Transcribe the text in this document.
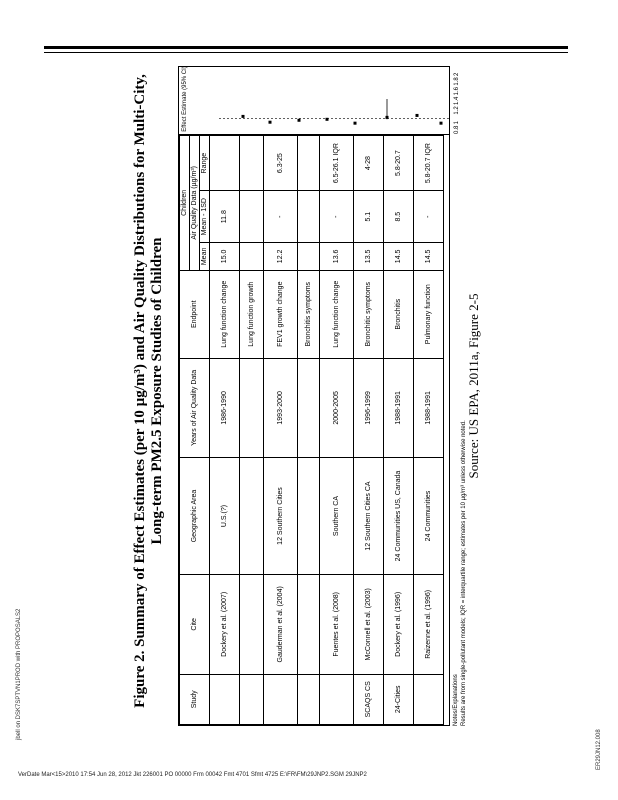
Figure 2. Summary of Effect Estimates (per 10 µg/m³) and Air Quality Distributions for Multi-City, Long-term PM2.5 Exposure Studies of Children
Study	Cite	Geographic Area	Years of Air Quality Data	Endpoint	Children		
					Air Quality Data (µg/m³)		
					Mean	Mean - 1SD	Range
	Dockery et al. (2007)	U.S.(?)	1986-1990	Lung function change	15.0	11.8	
				Lung function growth			
	Gauderman et al. (2004)	12 Southern Cities	1993-2000	FEV1 growth change	12.2	-	6.3-25
				Bronchitis symptoms			
	Fuentes et al. (2008)	Southern CA	2000-2005	Lung function change	13.6	-	6.5-26.1 IQR
SCAQS CS	McConnell et al. (2003)	12 Southern Cities CA	1996-1999	Bronchitic symptoms	13.5	5.1	4-28
24-Cities	Dockery et al. (1996)	24 Communities US, Canada	1988-1991	Bronchitis	14.5	8.5	5.8-20.7
	Raizenne et al. (1996)	24 Communities	1988-1991	Pulmonary function	14.5	-	5.8-20.7 IQR
Effect Estimate (95% CI)	0.8
1
1.2
1.4
1.6
1.8
2
Notes/Explanations Results are from single-pollutant models; IQR = interquartile range; estimates per 10 µg/m³ unless otherwise noted.
Source: US EPA, 2011a, Figure 2-5
jbell on DSK7SPTVN1PROD with PROPOSALS2
ER29JN12.008
VerDate Mar<15>2010 17:54 Jun 28, 2012 Jkt 226001 PO 00000 Frm 00042 Fmt 4701 Sfmt 4725 E:\FR\FM\29JNP2.SGM 29JNP2
